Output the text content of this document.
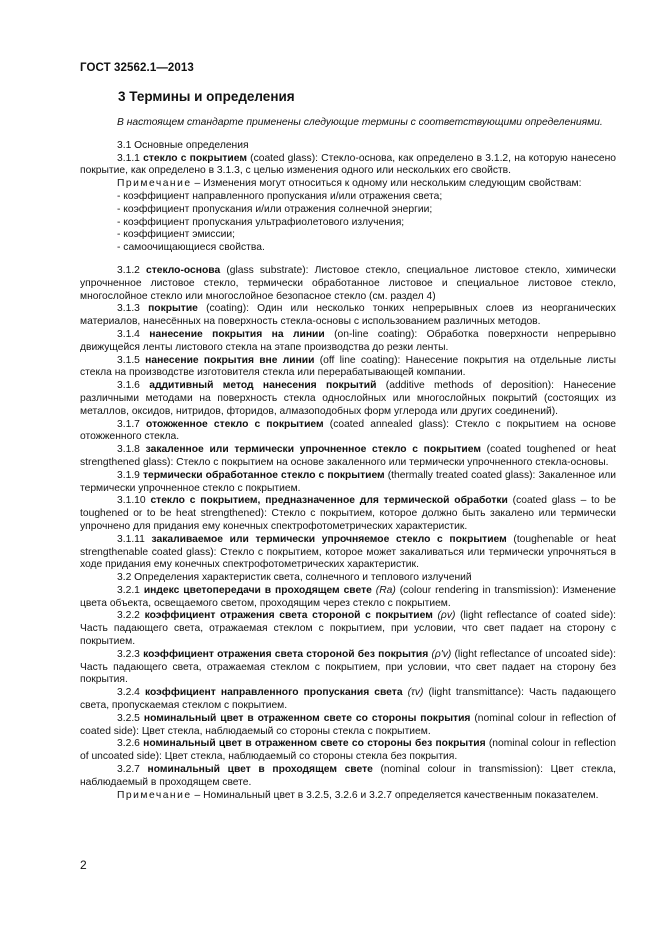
ГОСТ 32562.1—2013
3 Термины и определения

В настоящем стандарте применены следующие термины с соответствующими определениями.

3.1 Основные определения

3.1.1 стекло с покрытием (coated glass): Стекло-основа, как определено в 3.1.2, на которую нанесено покрытие, как определено в 3.1.3, с целью изменения одного или нескольких его свойств.

Примечание – Изменения могут относиться к одному или нескольким следующим свойствам:

- коэффициент направленного пропускания и/или отражения света;

- коэффициент пропускания и/или отражения солнечной энергии;

- коэффициент пропускания ультрафиолетового излучения;

- коэффициент эмиссии;

- самоочищающиеся свойства.

3.1.2 стекло-основа (glass substrate): Листовое стекло, специальное листовое стекло, химически упрочненное листовое стекло, термически обработанное листовое и специальное листовое стекло, многослойное стекло или многослойное безопасное стекло (см. раздел 4)

3.1.3 покрытие (coating): Один или несколько тонких непрерывных слоев из неорганических материалов, нанесённых на поверхность стекла-основы с использованием различных методов.

3.1.4 нанесение покрытия на линии (on-line coating): Обработка поверхности непрерывно движущейся ленты листового стекла на этапе производства до резки ленты.

3.1.5 нанесение покрытия вне линии (off line coating): Нанесение покрытия на отдельные листы стекла на производстве изготовителя стекла или перерабатывающей компании.

3.1.6 аддитивный метод нанесения покрытий (additive methods of deposition): Нанесение различными методами на поверхность стекла однослойных или многослойных покрытий (состоящих из металлов, оксидов, нитридов, фторидов, алмазоподобных форм углерода или других соединений).

3.1.7 отожженное стекло с покрытием (coated annealed glass): Стекло с покрытием на основе отожженного стекла.

3.1.8 закаленное или термически упрочненное стекло с покрытием (coated toughened or heat strengthened glass): Стекло с покрытием на основе закаленного или термически упрочненного стекла-основы.

3.1.9 термически обработанное стекло с покрытием (thermally treated coated glass): Закаленное или термически упрочненное стекло с покрытием.

3.1.10 стекло с покрытием, предназначенное для термической обработки (coated glass – to be toughened or to be heat strengthened): Стекло с покрытием, которое должно быть закалено или термически упрочнено для придания ему конечных спектрофотометрических характеристик.

3.1.11 закаливаемое или термически упрочняемое стекло с покрытием (toughenable or heat strengthenable coated glass): Стекло с покрытием, которое может закаливаться или термически упрочняться в ходе придания ему конечных спектрофотометрических характеристик.

3.2 Определения характеристик света, солнечного и теплового излучений

3.2.1 индекс цветопередачи в проходящем свете (Ra) (colour rendering in transmission): Изменение цвета объекта, освещаемого светом, проходящим через стекло с покрытием.

3.2.2 коэффициент отражения света стороной с покрытием (ρv) (light reflectance of coated side): Часть падающего света, отражаемая стеклом с покрытием, при условии, что свет падает на сторону с покрытием.

3.2.3 коэффициент отражения света стороной без покрытия (ρ'v) (light reflectance of uncoated side): Часть падающего света, отражаемая стеклом с покрытием, при условии, что свет падает на сторону без покрытия.

3.2.4 коэффициент направленного пропускания света (τv) (light transmittance): Часть падающего света, пропускаемая стеклом с покрытием.

3.2.5 номинальный цвет в отраженном свете со стороны покрытия (nominal colour in reflection of coated side): Цвет стекла, наблюдаемый со стороны стекла с покрытием.

3.2.6 номинальный цвет в отраженном свете со стороны без покрытия (nominal colour in reflection of uncoated side): Цвет стекла, наблюдаемый со стороны стекла без покрытия.

3.2.7 номинальный цвет в проходящем свете (nominal colour in transmission): Цвет стекла, наблюдаемый в проходящем свете.

Примечание – Номинальный цвет в 3.2.5, 3.2.6 и 3.2.7 определяется качественным показателем.

2
